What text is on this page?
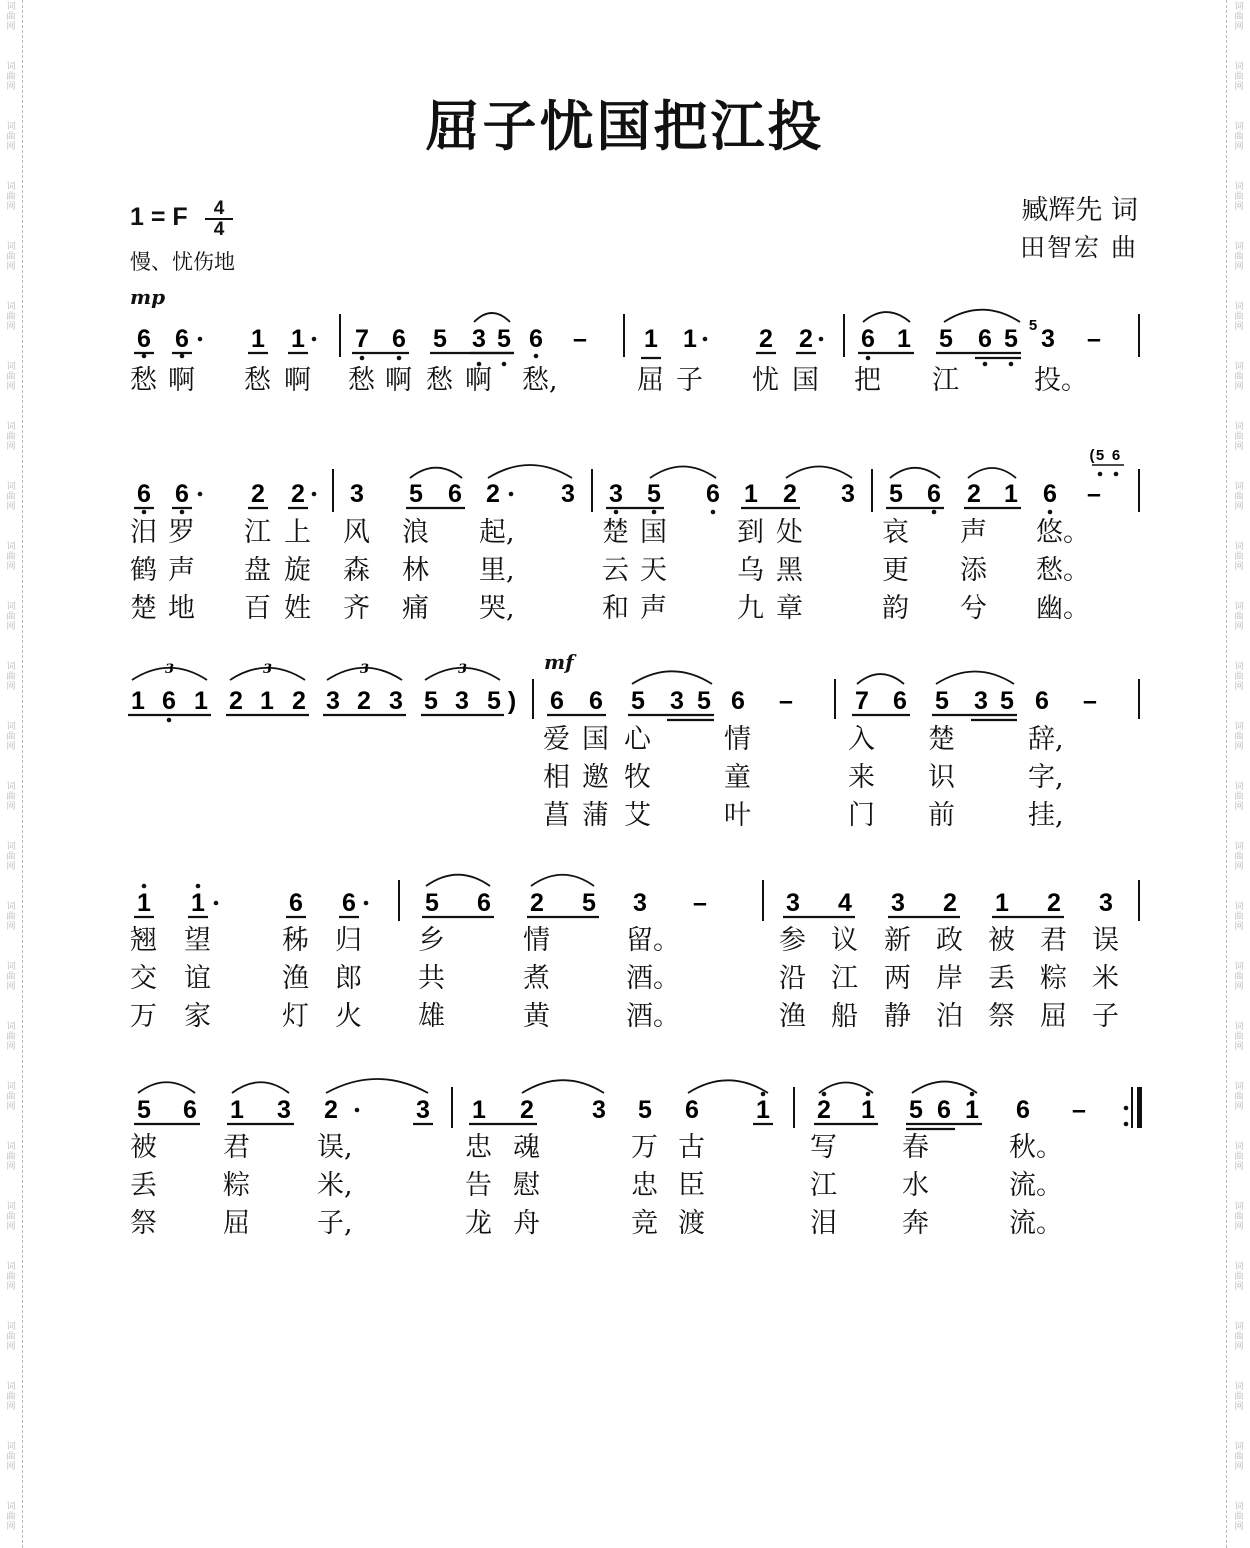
词
曲
网
词
曲
网
词
曲
网
词
曲
网
词
曲
网
词
曲
网
词
曲
网
词
曲
网
词
曲
网
词
曲
网
词
曲
网
词
曲
网
词
曲
网
词
曲
网
词
曲
网
词
曲
网
词
曲
网
词
曲
网
词
曲
网
词
曲
网
词
曲
网
词
曲
网
词
曲
网
词
曲
网
词
曲
网
词
曲
网
词
曲
网
词
曲
网
词
曲
网
词
曲
网
词
曲
网
词
曲
网
词
曲
网
词
曲
网
词
曲
网
词
曲
网
词
曲
网
词
曲
网
词
曲
网
词
曲
网
词
曲
网
词
曲
网
词
曲
网
词
曲
网
词
曲
网
词
曲
网
词
曲
网
词
曲
网
词
曲
网
词
曲
网
词
曲
网
词
曲
网
屈子忧国把江投
1 = F	4
4
慢、忧伤地
臧辉先 词
田智宏 曲
mp
mf
6 6 1 1 7 6 5 3 5 6 – 1 1 2 2 6 1 5 6 5 3 –
5
6 6 2 2 3 5 6 2 3 3 5 6 1 2 3 5 6 2 1 6 –
( 5 6
1 6 1 2 1 2 3 2 3 5 3 5 )
3	3	3	3
6 6 5 3 5 6 – 7 6 5 3 5 6 –
1 1	6 6	5 6 2 5 3 –	3 4 3 2 1 2 3
5 6 1 3 2	3 1 2 3 5 6 1 2 1 5 6 1 6 –
愁 啊 愁 啊 愁 啊 愁 啊 愁,	屈 子 忧 国 把 江	投。
汨 罗 江 上 风 浪 起,	楚 国	到 处	哀 声 悠。
鹤 声 盘 旋 森 林 里,	云 天	乌 黑	更 添 愁。
楚 地 百 姓 齐 痛 哭,	和 声	九 章	韵 兮 幽。
爱 国 心	情	入 楚	辞,
相 邀 牧	童	来 识	字,
菖 蒲 艾	叶	门 前	挂,
翘 望	秭 归 乡	情	留。	参 议 新 政 被 君 误
交 谊	渔 郎 共	煮	酒。	沿 江 两 岸 丢 粽 米
万 家	灯 火 雄	黄	酒。	渔 船 静 泊 祭 屈 子
被 君 误,	忠 魂	万 古	写 春	秋。
丢 粽 米,	告 慰	忠 臣	江 水	流。
祭 屈 子,	龙 舟	竞 渡	泪 奔	流。
